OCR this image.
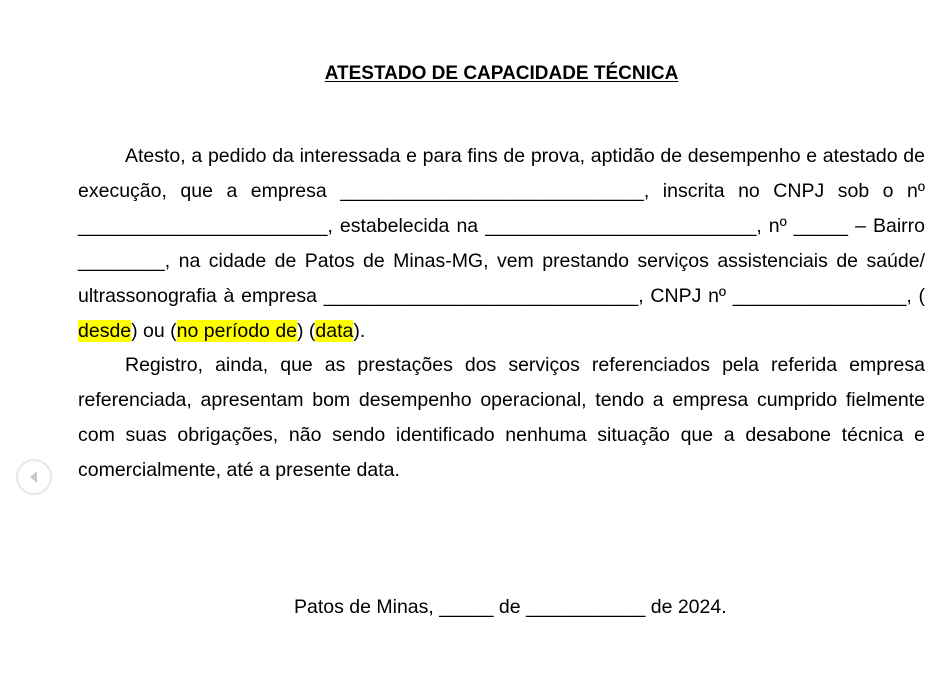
ATESTADO DE CAPACIDADE TÉCNICA

Atesto, a pedido da interessada e para fins de prova, aptidão de desempenho e atestado de execução, que a empresa ____________________________, inscrita no CNPJ sob o nº _______________________, estabelecida na _________________________, nº _____ – Bairro ________, na cidade de Patos de Minas-MG, vem prestando serviços assistenciais de saúde/ ultrassonografia à empresa _____________________________, CNPJ nº ________________, ( desde) ou (no período de) (data).

Registro, ainda, que as prestações dos serviços referenciados pela referida empresa referenciada, apresentam bom desempenho operacional, tendo a empresa cumprido fielmente com suas obrigações, não sendo identificado nenhuma situação que a desabone técnica e comercialmente, até a presente data.

Patos de Minas, _____ de ___________ de 2024.
